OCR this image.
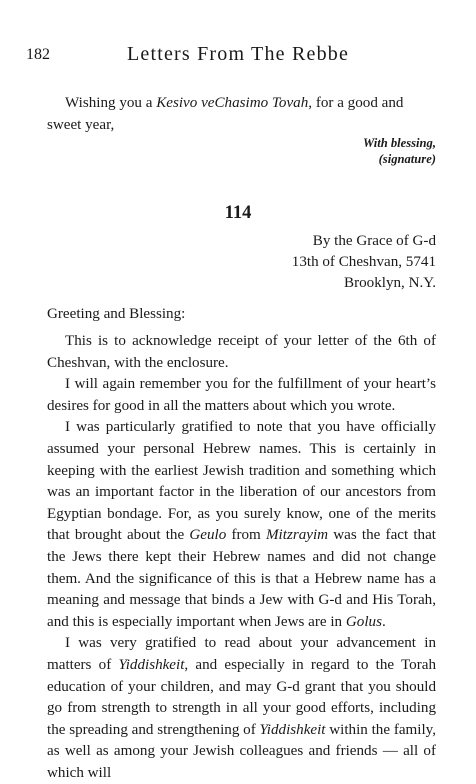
182	Letters From The Rebbe
Wishing you a Kesivo veChasimo Tovah, for a good and sweet year,
With blessing,
(signature)
114
By the Grace of G-d
13th of Cheshvan, 5741
Brooklyn, N.Y.
Greeting and Blessing:

This is to acknowledge receipt of your letter of the 6th of Cheshvan, with the enclosure.

I will again remember you for the fulfillment of your heart’s desires for good in all the matters about which you wrote.

I was particularly gratified to note that you have officially assumed your personal Hebrew names. This is certainly in keeping with the earliest Jewish tradition and something which was an important factor in the liberation of our ancestors from Egyptian bondage. For, as you surely know, one of the merits that brought about the Geulo from Mitzrayim was the fact that the Jews there kept their Hebrew names and did not change them. And the significance of this is that a Hebrew name has a meaning and message that binds a Jew with G-d and His Torah, and this is especially important when Jews are in Golus.

I was very gratified to read about your advancement in matters of Yiddishkeit, and especially in regard to the Torah education of your children, and may G-d grant that you should go from strength to strength in all your good efforts, including the spreading and strengthening of Yiddishkeit within the family, as well as among your Jewish colleagues and friends — all of which will
